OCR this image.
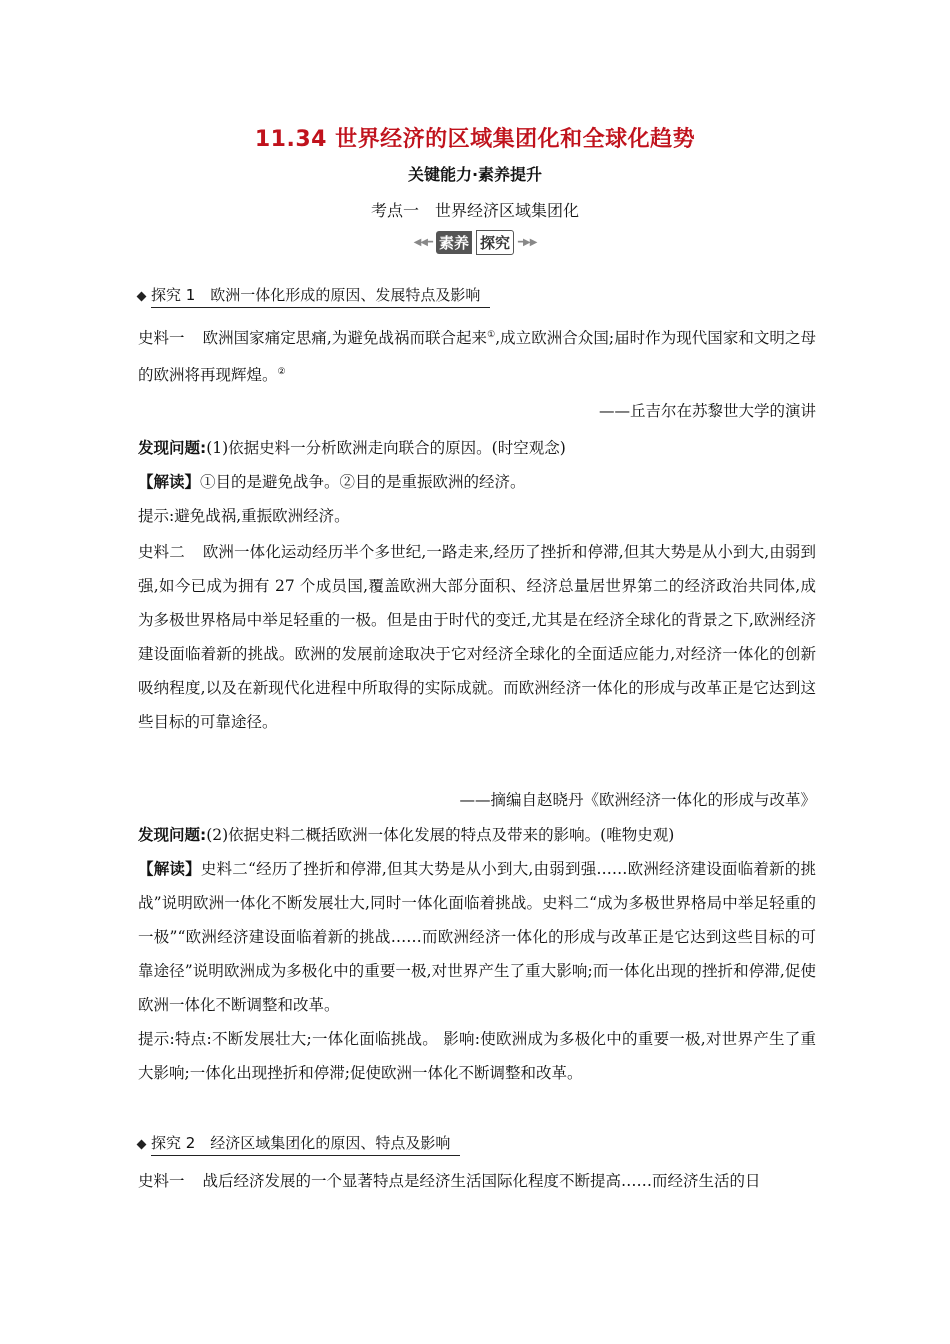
11.34 世界经济的区域集团化和全球化趋势
关键能力·素养提升
考点一　世界经济区域集团化
◀◀━ 素养 探究 ━▶▶
探究 1　欧洲一体化形成的原因、发展特点及影响

史料一 欧洲国家痛定思痛,为避免战祸而联合起来①,成立欧洲合众国;届时作为现代国家和文明之母的欧洲将再现辉煌。②

——丘吉尔在苏黎世大学的演讲

发现问题:(1)依据史料一分析欧洲走向联合的原因。(时空观念)

【解读】①目的是避免战争。②目的是重振欧洲的经济。

提示:避免战祸,重振欧洲经济。

史料二 欧洲一体化运动经历半个多世纪,一路走来,经历了挫折和停滞,但其大势是从小到大,由弱到强,如今已成为拥有 27 个成员国,覆盖欧洲大部分面积、经济总量居世界第二的经济政治共同体,成为多极世界格局中举足轻重的一极。但是由于时代的变迁,尤其是在经济全球化的背景之下,欧洲经济建设面临着新的挑战。欧洲的发展前途取决于它对经济全球化的全面适应能力,对经济一体化的创新吸纳程度,以及在新现代化进程中所取得的实际成就。而欧洲经济一体化的形成与改革正是它达到这些目标的可靠途径。

——摘编自赵晓丹《欧洲经济一体化的形成与改革》

发现问题:(2)依据史料二概括欧洲一体化发展的特点及带来的影响。(唯物史观)

【解读】史料二“经历了挫折和停滞,但其大势是从小到大,由弱到强……欧洲经济建设面临着新的挑战”说明欧洲一体化不断发展壮大,同时一体化面临着挑战。史料二“成为多极世界格局中举足轻重的一极”“欧洲经济建设面临着新的挑战……而欧洲经济一体化的形成与改革正是它达到这些目标的可靠途径”说明欧洲成为多极化中的重要一极,对世界产生了重大影响;而一体化出现的挫折和停滞,促使欧洲一体化不断调整和改革。

提示:特点:不断发展壮大;一体化面临挑战。 影响:使欧洲成为多极化中的重要一极,对世界产生了重大影响;一体化出现挫折和停滞;促使欧洲一体化不断调整和改革。

探究 2　经济区域集团化的原因、特点及影响

史料一 战后经济发展的一个显著特点是经济生活国际化程度不断提高……而经济生活的日
